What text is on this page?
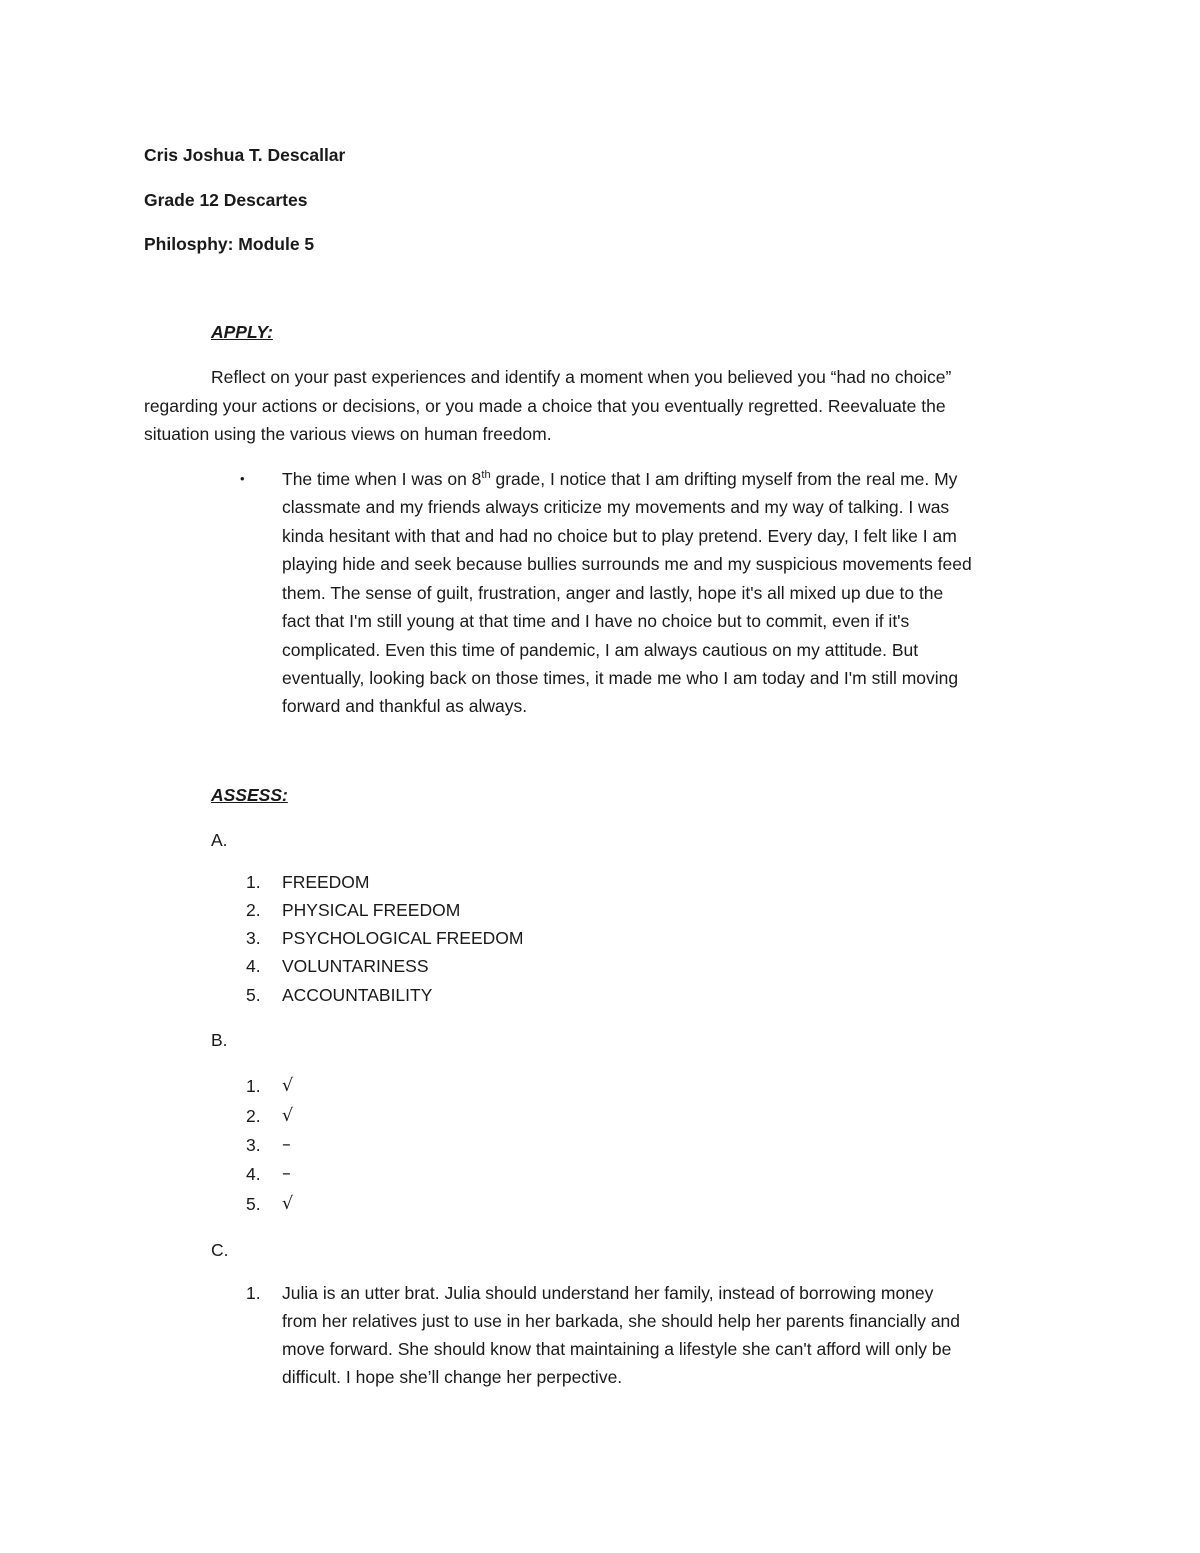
Cris Joshua T. Descallar
Grade 12 Descartes
Philosphy: Module 5
APPLY:
Reflect on your past experiences and identify a moment when you believed you “had no choice”
regarding your actions or decisions, or you made a choice that you eventually regretted. Reevaluate the
situation using the various views on human freedom.
• The time when I was on 8th grade, I notice that I am drifting myself from the real me. My
classmate and my friends always criticize my movements and my way of talking. I was
kinda hesitant with that and had no choice but to play pretend. Every day, I felt like I am
playing hide and seek because bullies surrounds me and my suspicious movements feed
them. The sense of guilt, frustration, anger and lastly, hope it's all mixed up due to the
fact that I'm still young at that time and I have no choice but to commit, even if it's
complicated. Even this time of pandemic, I am always cautious on my attitude. But
eventually, looking back on those times, it made me who I am today and I'm still moving
forward and thankful as always.
ASSESS:
A.
1.	FREEDOM
2.	PHYSICAL FREEDOM
3.	PSYCHOLOGICAL FREEDOM
4.	VOLUNTARINESS
5.	ACCOUNTABILITY
B.
1.	√
2.	√
3.	–
4.	–
5.	√
C.
1.	Julia is an utter brat. Julia should understand her family, instead of borrowing money
from her relatives just to use in her barkada, she should help her parents financially and
move forward. She should know that maintaining a lifestyle she can't afford will only be
difficult. I hope she’ll change her perpective.
